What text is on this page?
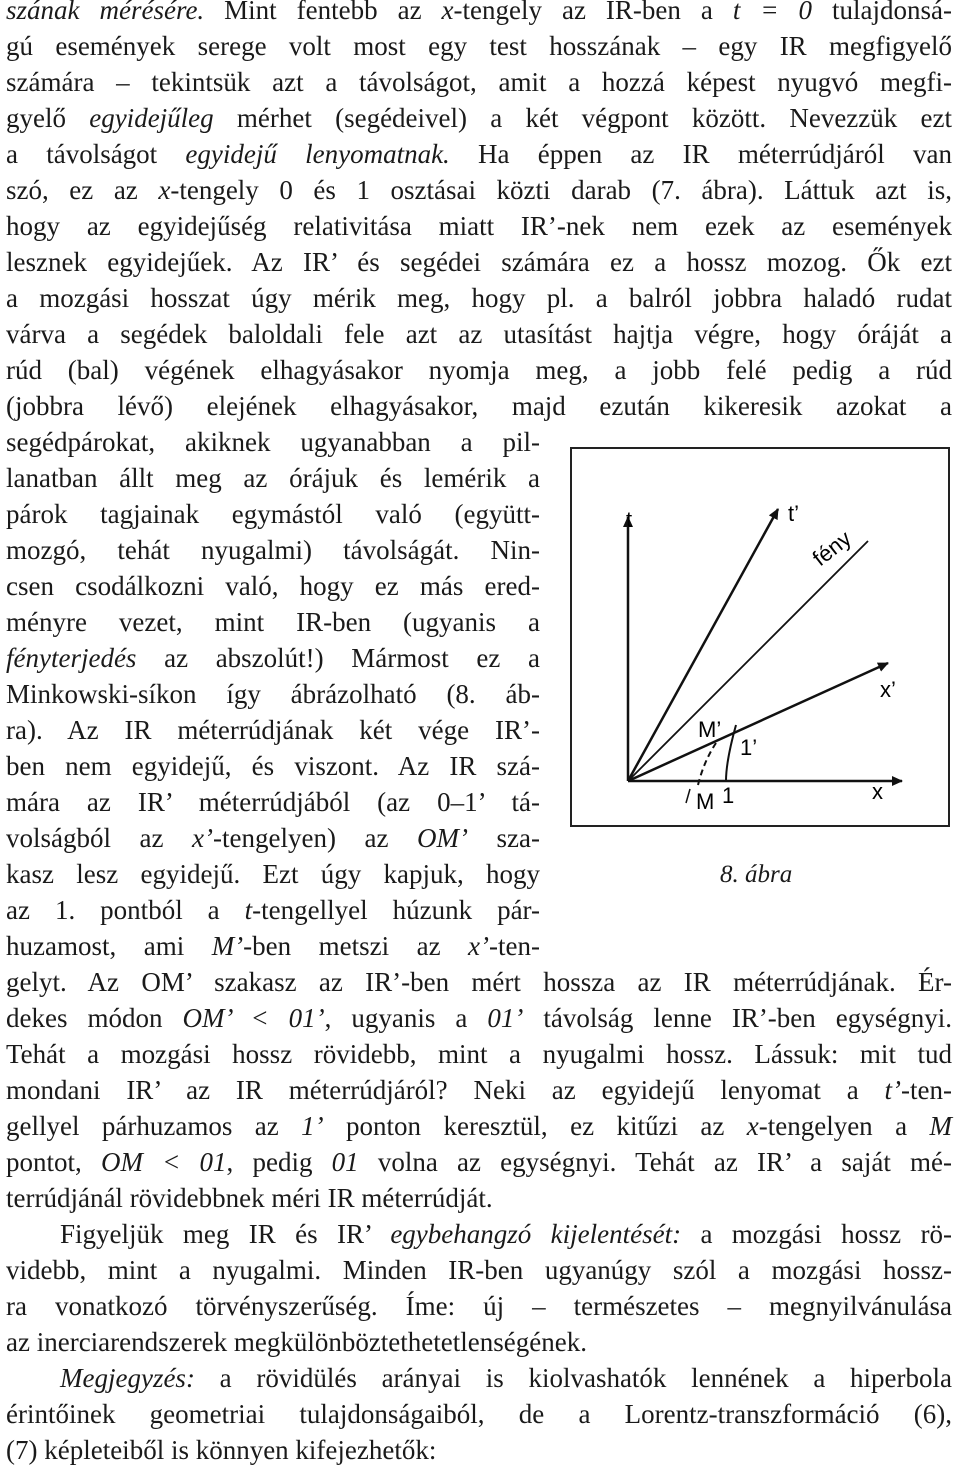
szának mérésére. Mint fentebb az x-tengely az IR-ben a t = 0 tulajdonsá-
gú események serege volt most egy test hosszának – egy IR megfigyelő
számára – tekintsük azt a távolságot, amit a hozzá képest nyugvó megfi-
gyelő egyidejűleg mérhet (segédeivel) a két végpont között. Nevezzük ezt
a távolságot egyidejű lenyomatnak. Ha éppen az IR méterrúdjáról van
szó, ez az x-tengely 0 és 1 osztásai közti darab (7. ábra). Láttuk azt is,
hogy az egyidejűség relativitása miatt IR’-nek nem ezek az események
lesznek egyidejűek. Az IR’ és segédei számára ez a hossz mozog. Ők ezt
a mozgási hosszat úgy mérik meg, hogy pl. a balról jobbra haladó rudat
várva a segédek baloldali fele azt az utasítást hajtja végre, hogy óráját a
rúd (bal) végének elhagyásakor nyomja meg, a jobb felé pedig a rúd
(jobbra lévő) elejének elhagyásakor, majd ezután kikeresik azokat a
segédpárokat, akiknek ugyanabban a pil-
lanatban állt meg az órájuk és lemérik a
párok tagjainak egymástól való (együtt-
mozgó, tehát nyugalmi) távolságát. Nin-
csen csodálkozni való, hogy ez más ered-
ményre vezet, mint IR-ben (ugyanis a
fényterjedés az abszolút!) Mármost ez a
Minkowski-síkon így ábrázolható (8. áb-
ra). Az IR méterrúdjának két vége IR’-
ben nem egyidejű, és viszont. Az IR szá-
mára az IR’ méterrúdjából (az 0–1’ tá-
volságból az x’-tengelyen) az OM’ sza-
kasz lesz egyidejű. Ezt úgy kapjuk, hogy
az 1. pontból a t-tengellyel húzunk pár-
huzamost, ami M’-ben metszi az x’-ten-
gelyt. Az OM’ szakasz az IR’-ben mért hossza az IR méterrúdjának. Ér-
dekes módon OM’ < 01’, ugyanis a 01’ távolság lenne IR’-ben egységnyi.
Tehát a mozgási hossz rövidebb, mint a nyugalmi hossz. Lássuk: mit tud
mondani IR’ az IR méterrúdjáról? Neki az egyidejű lenyomat a t’-ten-
gellyel párhuzamos az 1’ ponton keresztül, ez kitűzi az x-tengelyen a M
pontot, OM < 01, pedig 01 volna az egységnyi. Tehát az IR’ a saját mé-
terrúdjánál rövidebbnek méri IR méterrúdját.
Figyeljük meg IR és IR’ egybehangzó kijelentését: a mozgási hossz rö-
videbb, mint a nyugalmi. Minden IR-ben ugyanúgy szól a mozgási hossz-
ra vonatkozó törvényszerűség. Íme: új – természetes – megnyilvánulása
az inerciarendszerek megkülönböztethetetlenségének.
Megjegyzés: a rövidülés arányai is kiolvashatók lennének a hiperbola
érintőinek geometriai tulajdonságaiból, de a Lorentz-transzformáció (6),
(7) képleteiből is könnyen kifejezhetők:
t	t’
fény
x’
x
M’
1’
M 1
8. ábra
